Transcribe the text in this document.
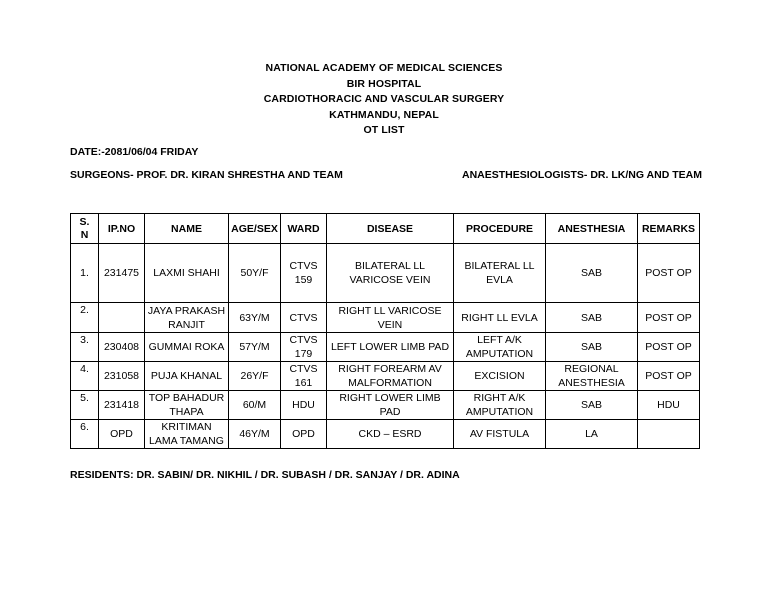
NATIONAL ACADEMY OF MEDICAL SCIENCES
BIR HOSPITAL
CARDIOTHORACIC AND VASCULAR SURGERY
KATHMANDU, NEPAL
OT LIST
DATE:-2081/06/04 FRIDAY
SURGEONS- PROF. DR. KIRAN SHRESTHA AND TEAM	ANAESTHESIOLOGISTS- DR. LK/NG AND TEAM
S.
N	IP.NO	NAME	AGE/SEX	WARD	DISEASE	PROCEDURE	ANESTHESIA	REMARKS
1.	231475	LAXMI SHAHI	50Y/F	CTVS 159	BILATERAL LL VARICOSE VEIN	BILATERAL LL EVLA	SAB	POST OP
2.		JAYA PRAKASH RANJIT	63Y/M	CTVS	RIGHT LL VARICOSE VEIN	RIGHT LL EVLA	SAB	POST OP
3.	230408	GUMMAI ROKA	57Y/M	CTVS 179	LEFT LOWER LIMB PAD	LEFT A/K AMPUTATION	SAB	POST OP
4.	231058	PUJA KHANAL	26Y/F	CTVS 161	RIGHT FOREARM AV MALFORMATION	EXCISION	REGIONAL ANESTHESIA	POST OP
5.	231418	TOP BAHADUR THAPA	60/M	HDU	RIGHT LOWER LIMB PAD	RIGHT A/K AMPUTATION	SAB	HDU
6.	OPD	KRITIMAN LAMA TAMANG	46Y/M	OPD	CKD – ESRD	AV FISTULA	LA	
RESIDENTS: DR. SABIN/ DR. NIKHIL / DR. SUBASH / DR. SANJAY / DR. ADINA
